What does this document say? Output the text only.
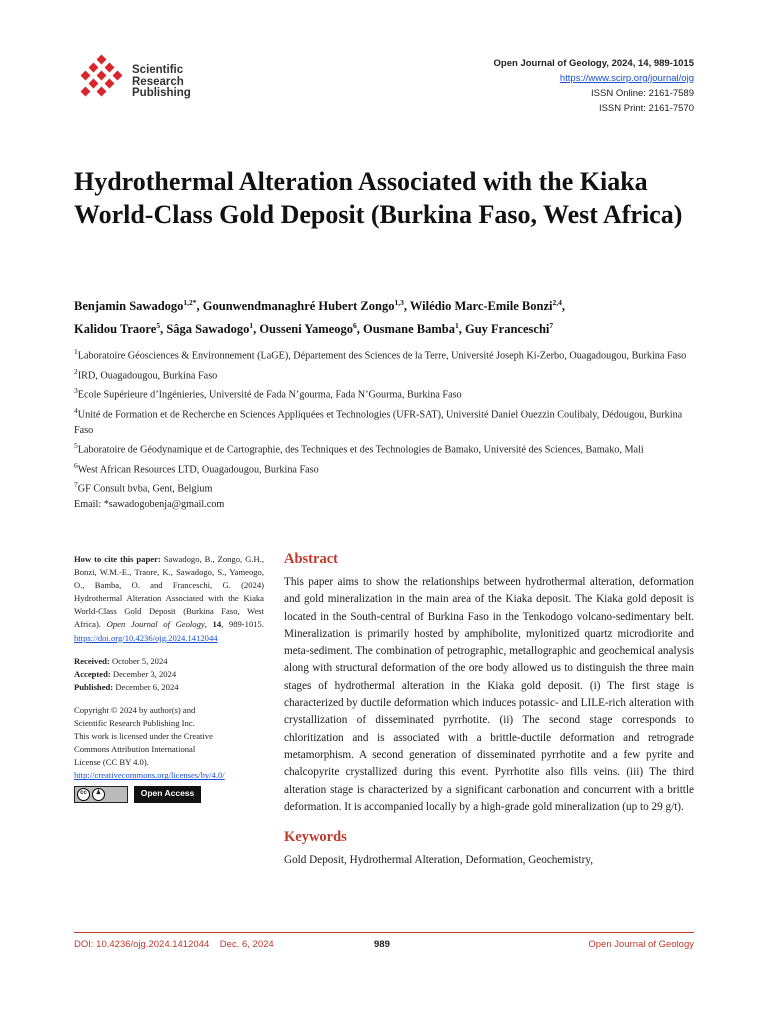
Scientific
Research
Publishing
Open Journal of Geology, 2024, 14, 989-1015
https://www.scirp.org/journal/ojg
ISSN Online: 2161-7589
ISSN Print: 2161-7570
Hydrothermal Alteration Associated with the Kiaka World-Class Gold Deposit (Burkina Faso, West Africa)
Benjamin Sawadogo$^{1,2*}$, Gounwendmanaghré Hubert Zongo$^{1,3}$, Wilédio Marc-Emile Bonzi$^{2,4}$,
Kalidou Traore$^5$, Sâga Sawadogo$^1$, Ousseni Yameogo$^6$, Ousmane Bamba$^1$, Guy Franceschi$^7$
$^1$Laboratoire Géosciences & Environnement (LaGE), Département des Sciences de la Terre, Université Joseph Ki-Zerbo, Ouagadougou, Burkina Faso
$^2$IRD, Ouagadougou, Burkina Faso
$^3$Ecole Supérieure d’Ingénieries, Université de Fada N’gourma, Fada N’Gourma, Burkina Faso
$^4$Unité de Formation et de Recherche en Sciences Appliquées et Technologies (UFR-SAT), Université Daniel Ouezzin Coulibaly, Dédougou, Burkina Faso
$^5$Laboratoire de Géodynamique et de Cartographie, des Techniques et des Technologies de Bamako, Université des Sciences, Bamako, Mali
$^6$West African Resources LTD, Ouagadougou, Burkina Faso
$^7$GF Consult bvba, Gent, Belgium
Email: *sawadogobenja@gmail.com
How to cite this paper: Sawadogo, B., Zongo, G.H., Bonzi, W.M.-E., Traore, K., Sawadogo, S., Yameogo, O., Bamba, O. and Franceschi, G. (2024) Hydrothermal Alteration Associated with the Kiaka World-Class Gold Deposit (Burkina Faso, West Africa). Open Journal of Geology, 14, 989-1015. https://doi.org/10.4236/ojg.2024.1412044
Received: October 5, 2024
Accepted: December 3, 2024
Published: December 6, 2024
Copyright © 2024 by author(s) and
Scientific Research Publishing Inc.
This work is licensed under the Creative
Commons Attribution International
License (CC BY 4.0).
http://creativecommons.org/licenses/by/4.0/
cc	♟	Open Access
Abstract

This paper aims to show the relationships between hydrothermal alteration, deformation and gold mineralization in the main area of the Kiaka deposit. The Kiaka gold deposit is located in the South-central of Burkina Faso in the Tenkodogo volcano-sedimentary belt. Mineralization is primarily hosted by amphibolite, mylonitized quartz microdiorite and meta-sediment. The combination of petrographic, metallographic and geochemical analysis along with structural deformation of the ore body allowed us to distinguish the three main stages of hydrothermal alteration in the Kiaka gold deposit. (i) The first stage is characterized by ductile deformation which induces potassic- and LILE-rich alteration with crystallization of disseminated pyrrhotite. (ii) The second stage corresponds to chloritization and is associated with a brittle-ductile deformation and retrograde metamorphism. A second generation of disseminated pyrrhotite and a few pyrite and chalcopyrite crystallized during this event. Pyrrhotite also fills veins. (iii) The third alteration stage is characterized by a significant carbonation and concurrent with a brittle deformation. It is accompanied locally by a high-grade gold mineralization (up to 29 g/t).

Keywords

Gold Deposit, Hydrothermal Alteration, Deformation, Geochemistry,

DOI: 10.4236/ojg.2024.1412044 Dec. 6, 2024	989	Open Journal of Geology
